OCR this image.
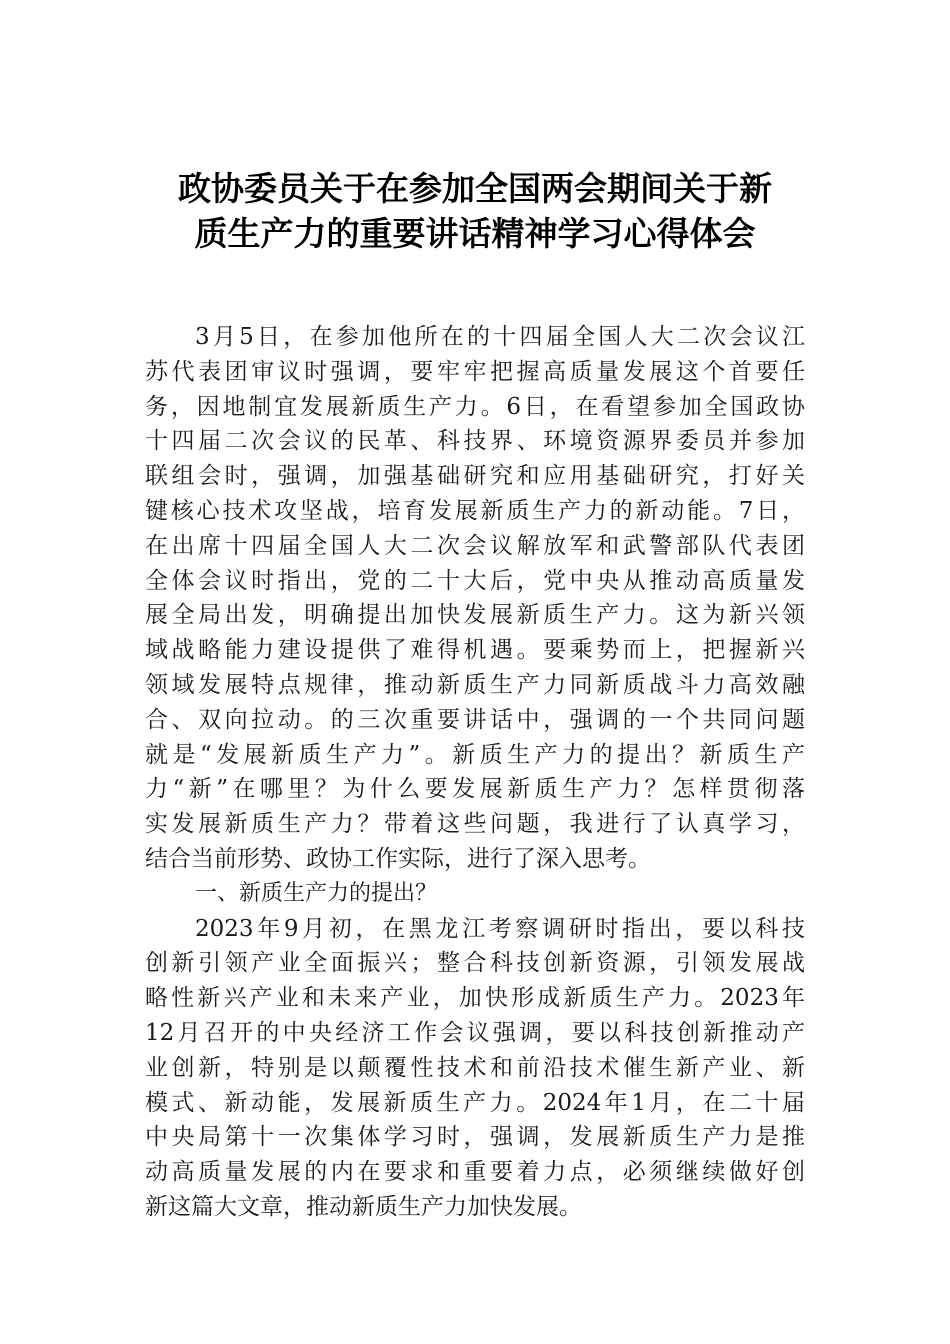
政协委员关于在参加全国两会期间关于新
质生产力的重要讲话精神学习心得体会
3月5日，在参加他所在的十四届全国人大二次会议江
苏代表团审议时强调，要牢牢把握高质量发展这个首要任
务，因地制宜发展新质生产力。6日，在看望参加全国政协
十四届二次会议的民革、科技界、环境资源界委员并参加
联组会时，强调，加强基础研究和应用基础研究，打好关
键核心技术攻坚战，培育发展新质生产力的新动能。7日，
在出席十四届全国人大二次会议解放军和武警部队代表团
全体会议时指出，党的二十大后，党中央从推动高质量发
展全局出发，明确提出加快发展新质生产力。这为新兴领
域战略能力建设提供了难得机遇。要乘势而上，把握新兴
领域发展特点规律，推动新质生产力同新质战斗力高效融
合、双向拉动。的三次重要讲话中，强调的一个共同问题
就是“发展新质生产力”。新质生产力的提出？新质生产
力“新”在哪里？为什么要发展新质生产力？怎样贯彻落
实发展新质生产力？带着这些问题，我进行了认真学习，
结合当前形势、政协工作实际，进行了深入思考。
一、新质生产力的提出？
2023年9月初，在黑龙江考察调研时指出，要以科技
创新引领产业全面振兴；整合科技创新资源，引领发展战
略性新兴产业和未来产业，加快形成新质生产力。2023年
12月召开的中央经济工作会议强调，要以科技创新推动产
业创新，特别是以颠覆性技术和前沿技术催生新产业、新
模式、新动能，发展新质生产力。2024年1月，在二十届
中央局第十一次集体学习时，强调，发展新质生产力是推
动高质量发展的内在要求和重要着力点，必须继续做好创
新这篇大文章，推动新质生产力加快发展。
